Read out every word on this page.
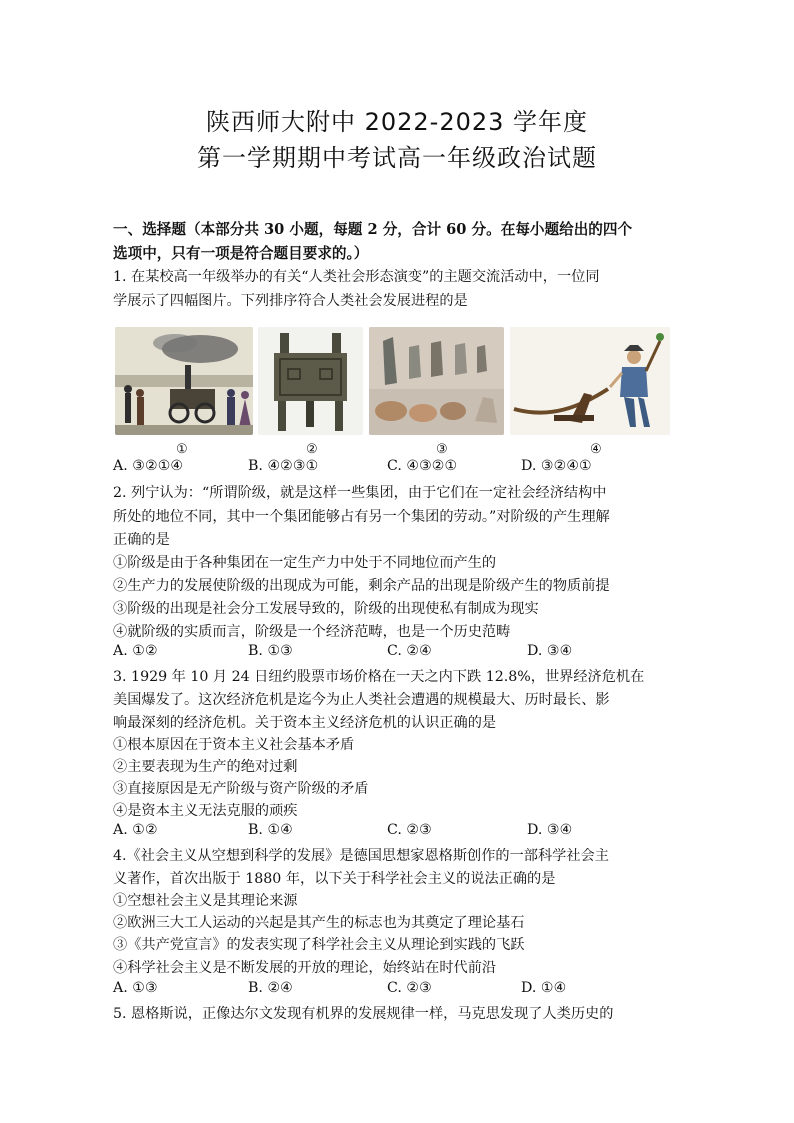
陕西师大附中 2022-2023 学年度
第一学期期中考试高一年级政治试题
一、选择题（本部分共 30 小题，每题 2 分，合计 60 分。在每小题给出的四个
选项中，只有一项是符合题目要求的。）
1. 在某校高一年级举办的有关“人类社会形态演变”的主题交流活动中，一位同
学展示了四幅图片。下列排序符合人类社会发展进程的是
①	②	③	④
A. ③②①④	B. ④②③①	C. ④③②①	D. ③②④①
2. 列宁认为：“所谓阶级，就是这样一些集团，由于它们在一定社会经济结构中
所处的地位不同，其中一个集团能够占有另一个集团的劳动。”对阶级的产生理解
正确的是
①阶级是由于各种集团在一定生产力中处于不同地位而产生的
②生产力的发展使阶级的出现成为可能，剩余产品的出现是阶级产生的物质前提
③阶级的出现是社会分工发展导致的，阶级的出现使私有制成为现实
④就阶级的实质而言，阶级是一个经济范畴，也是一个历史范畴
A. ①②	B. ①③	C. ②④	D. ③④
3. 1929 年 10 月 24 日纽约股票市场价格在一天之内下跌 12.8%，世界经济危机在
美国爆发了。这次经济危机是迄今为止人类社会遭遇的规模最大、历时最长、影
响最深刻的经济危机。关于资本主义经济危机的认识正确的是
①根本原因在于资本主义社会基本矛盾
②主要表现为生产的绝对过剩
③直接原因是无产阶级与资产阶级的矛盾
④是资本主义无法克服的顽疾
A. ①②	B. ①④	C. ②③	D. ③④
4.《社会主义从空想到科学的发展》是德国思想家恩格斯创作的一部科学社会主
义著作，首次出版于 1880 年，以下关于科学社会主义的说法正确的是
①空想社会主义是其理论来源
②欧洲三大工人运动的兴起是其产生的标志也为其奠定了理论基石
③《共产党宣言》的发表实现了科学社会主义从理论到实践的飞跃
④科学社会主义是不断发展的开放的理论，始终站在时代前沿
A. ①③	B. ②④	C. ②③	D. ①④
5. 恩格斯说，正像达尔文发现有机界的发展规律一样，马克思发现了人类历史的
